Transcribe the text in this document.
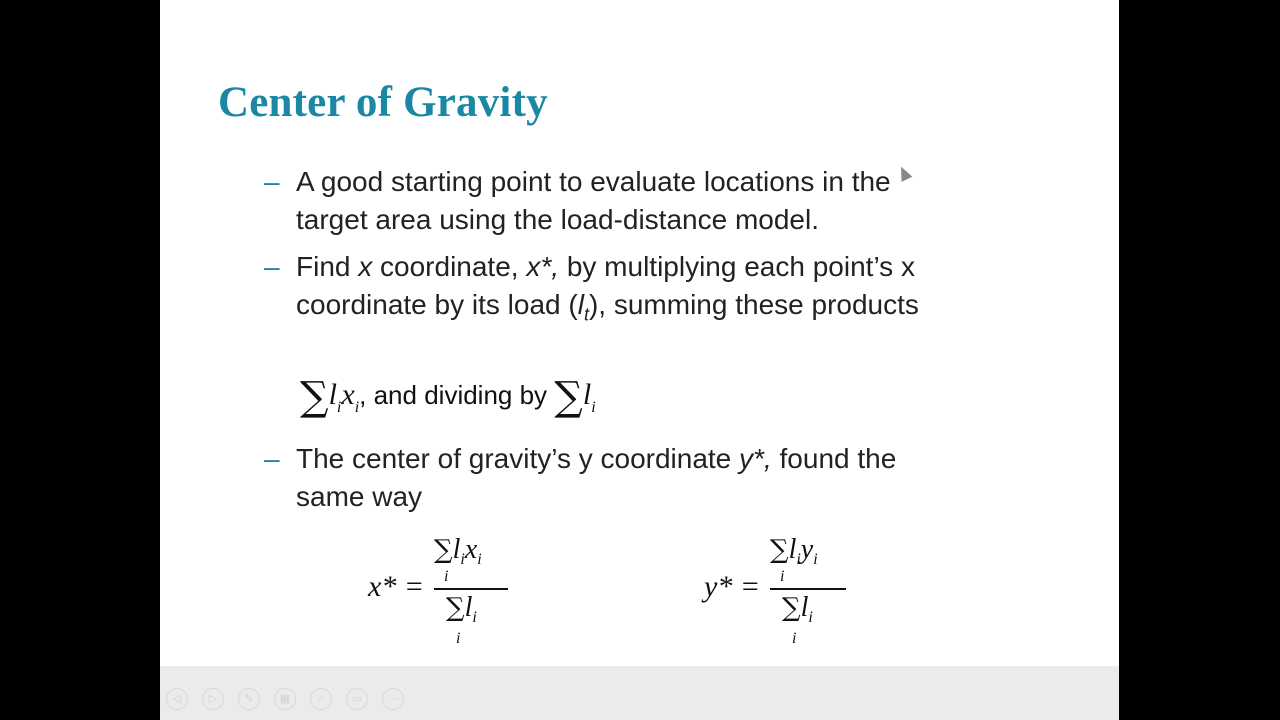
Center of Gravity
– A good starting point to evaluate locations in the
target area using the load-distance model.
– Find x coordinate, x*, by multiplying each point’s x
coordinate by its load $(l_t)$, summing these products
$\sum l_ix_i$, and dividing by $\sum l_i$
– The center of gravity’s y coordinate y*, found the
same way
x* =
$\sum l_ix_i$
i
$\sum l_i$
i
y* =
$\sum l_iy_i$
i
$\sum l_i$
i
◁	▷	✎	▦	⌕	▭	⋯
